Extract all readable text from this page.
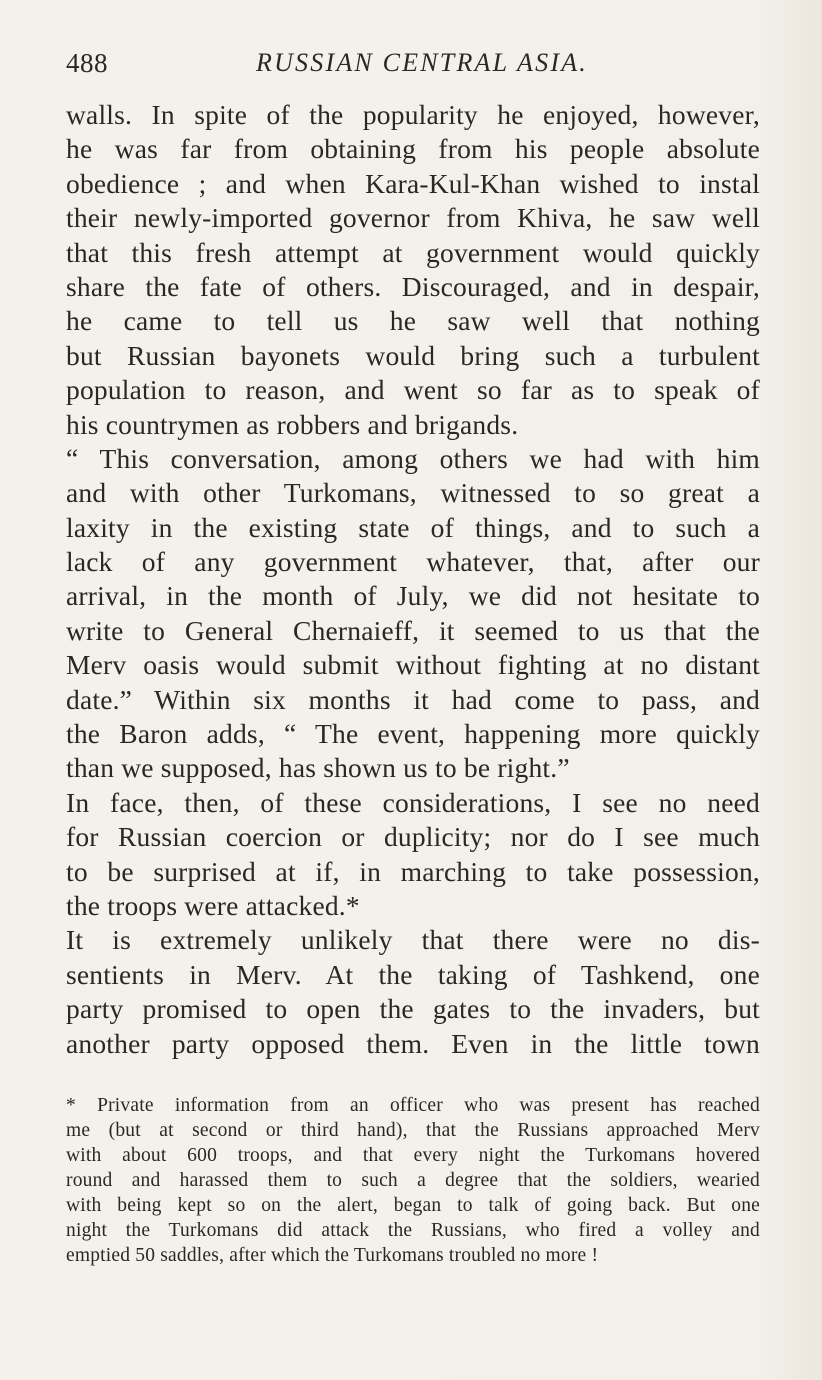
488	RUSSIAN CENTRAL ASIA.
walls. In spite of the popularity he enjoyed, however,
he was far from obtaining from his people absolute
obedience ; and when Kara-Kul-Khan wished to instal
their newly-imported governor from Khiva, he saw well
that this fresh attempt at government would quickly
share the fate of others. Discouraged, and in despair,
he came to tell us he saw well that nothing
but Russian bayonets would bring such a turbulent
population to reason, and went so far as to speak of
his countrymen as robbers and brigands.
“ This conversation, among others we had with him
and with other Turkomans, witnessed to so great a
laxity in the existing state of things, and to such a
lack of any government whatever, that, after our
arrival, in the month of July, we did not hesitate to
write to General Chernaieff, it seemed to us that the
Merv oasis would submit without fighting at no distant
date.” Within six months it had come to pass, and
the Baron adds, “ The event, happening more quickly
than we supposed, has shown us to be right.”
In face, then, of these considerations, I see no need
for Russian coercion or duplicity; nor do I see much
to be surprised at if, in marching to take possession,
the troops were attacked.*
It is extremely unlikely that there were no dis-
sentients in Merv. At the taking of Tashkend, one
party promised to open the gates to the invaders, but
another party opposed them. Even in the little town
* Private information from an officer who was present has reached
me (but at second or third hand), that the Russians approached Merv
with about 600 troops, and that every night the Turkomans hovered
round and harassed them to such a degree that the soldiers, wearied
with being kept so on the alert, began to talk of going back. But one
night the Turkomans did attack the Russians, who fired a volley and
emptied 50 saddles, after which the Turkomans troubled no more !
